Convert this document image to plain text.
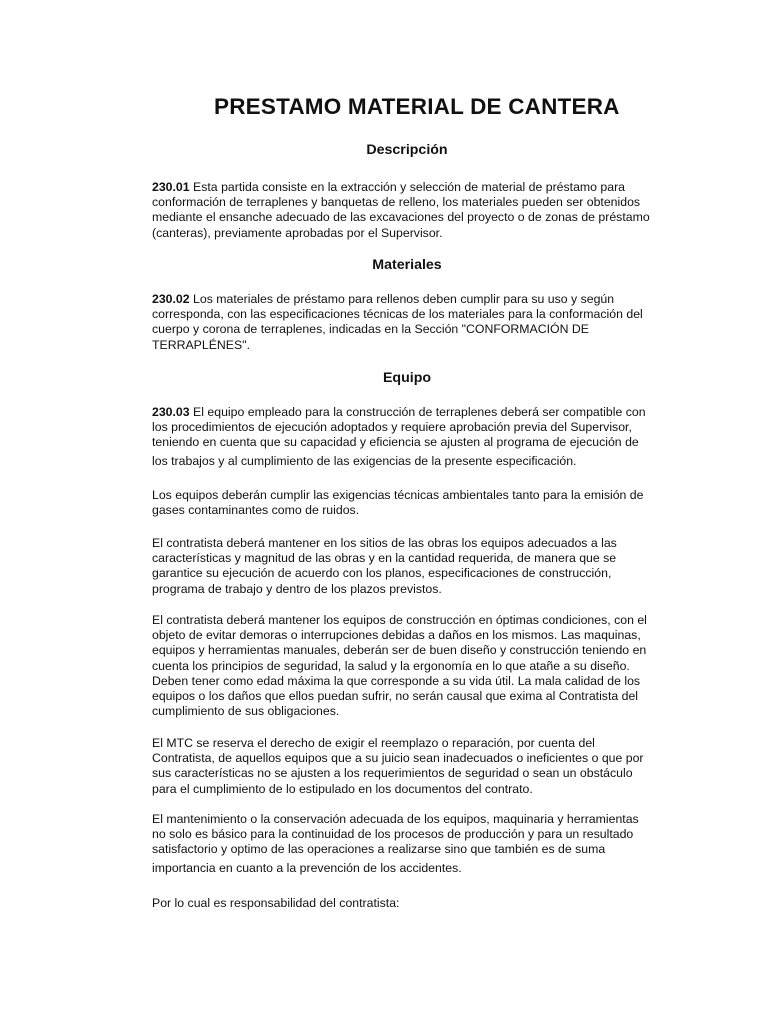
PRESTAMO MATERIAL DE CANTERA
Descripción
230.01 Esta partida consiste en la extracción y selección de material de préstamo para
conformación de terraplenes y banquetas de relleno, los materiales pueden ser obtenidos
mediante el ensanche adecuado de las excavaciones del proyecto o de zonas de préstamo
(canteras), previamente aprobadas por el Supervisor.
Materiales
230.02 Los materiales de préstamo para rellenos deben cumplir para su uso y según
corresponda, con las especificaciones técnicas de los materiales para la conformación del
cuerpo y corona de terraplenes, indicadas en la Sección "CONFORMACIÓN DE
TERRAPLÉNES".
Equipo
230.03 El equipo empleado para la construcción de terraplenes deberá ser compatible con
los procedimientos de ejecución adoptados y requiere aprobación previa del Supervisor,
teniendo en cuenta que su capacidad y eficiencia se ajusten al programa de ejecución de
los trabajos y al cumplimiento de las exigencias de la presente especificación.
Los equipos deberán cumplir las exigencias técnicas ambientales tanto para la emisión de
gases contaminantes como de ruidos.
El contratista deberá mantener en los sitios de las obras los equipos adecuados a las
características y magnitud de las obras y en la cantidad requerida, de manera que se
garantice su ejecución de acuerdo con los planos, especificaciones de construcción,
programa de trabajo y dentro de los plazos previstos.
El contratista deberá mantener los equipos de construcción en óptimas condiciones, con el
objeto de evitar demoras o interrupciones debidas a daños en los mismos. Las maquinas,
equipos y herramientas manuales, deberán ser de buen diseño y construcción teniendo en
cuenta los principios de seguridad, la salud y la ergonomía en lo que atañe a su diseño.
Deben tener como edad máxima la que corresponde a su vida útil. La mala calidad de los
equipos o los daños que ellos puedan sufrir, no serán causal que exima al Contratista del
cumplimiento de sus obligaciones.
El MTC se reserva el derecho de exigir el reemplazo o reparación, por cuenta del
Contratista, de aquellos equipos que a su juicio sean inadecuados o ineficientes o que por
sus características no se ajusten a los requerimientos de seguridad o sean un obstáculo
para el cumplimiento de lo estipulado en los documentos del contrato.
El mantenimiento o la conservación adecuada de los equipos, maquinaria y herramientas
no solo es básico para la continuidad de los procesos de producción y para un resultado
satisfactorio y optimo de las operaciones a realizarse sino que también es de suma
importancia en cuanto a la prevención de los accidentes.
Por lo cual es responsabilidad del contratista:
